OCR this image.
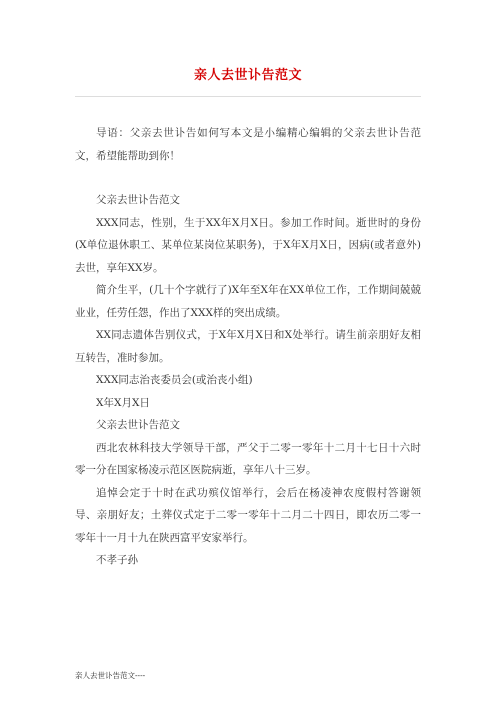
亲人去世讣告范文

导语：父亲去世讣告如何写本文是小编精心编辑的父亲去世讣告范文，希望能帮助到你！

父亲去世讣告范文

XXX同志，性别，生于XX年X月X日。参加工作时间。逝世时的身份(X单位退休职工、某单位某岗位某职务)，于X年X月X日，因病(或者意外)去世，享年XX岁。

简介生平，(几十个字就行了)X年至X年在XX单位工作，工作期间兢兢业业，任劳任怨，作出了XXX样的突出成绩。

XX同志遗体告别仪式，于X年X月X日和X处举行。请生前亲朋好友相互转告，准时参加。

XXX同志治丧委员会(或治丧小组)

X年X月X日

父亲去世讣告范文

西北农林科技大学领导干部，严父于二零一零年十二月十七日十六时零一分在国家杨凌示范区医院病逝，享年八十三岁。

追悼会定于十时在武功殡仪馆举行，会后在杨凌神农度假村答谢领导、亲朋好友；土葬仪式定于二零一零年十二月二十四日，即农历二零一零年十一月十九在陕西富平安家举行。

不孝子孙

亲人去世讣告范文----
